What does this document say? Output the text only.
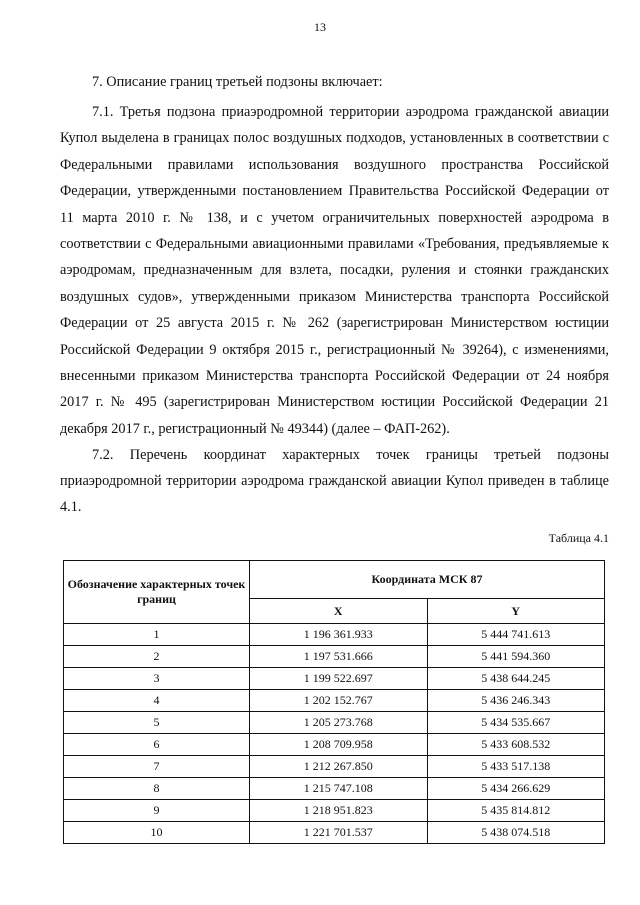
13

7. Описание границ третьей подзоны включает:

7.1. Третья подзона приаэродромной территории аэродрома гражданской авиации Купол выделена в границах полос воздушных подходов, установленных в соответствии с Федеральными правилами использования воздушного пространства Российской Федерации, утвержденными постановлением Правительства Российской Федерации от 11 марта 2010 г. № 138, и с учетом ограничительных поверхностей аэродрома в соответствии с Федеральными авиационными правилами «Требования, предъявляемые к аэродромам, предназначенным для взлета, посадки, руления и стоянки гражданских воздушных судов», утвержденными приказом Министерства транспорта Российской Федерации от 25 августа 2015 г. № 262 (зарегистрирован Министерством юстиции Российской Федерации 9 октября 2015 г., регистрационный № 39264), с изменениями, внесенными приказом Министерства транспорта Российской Федерации от 24 ноября 2017 г. № 495 (зарегистрирован Министерством юстиции Российской Федерации 21 декабря 2017 г., регистрационный № 49344) (далее – ФАП-262).

7.2. Перечень координат характерных точек границы третьей подзоны приаэродромной территории аэродрома гражданской авиации Купол приведен в таблице 4.1.

Таблица 4.1
Обозначение характерных точек границ	Координата МСК 87	
	X	Y
1	1 196 361.933	5 444 741.613
2	1 197 531.666	5 441 594.360
3	1 199 522.697	5 438 644.245
4	1 202 152.767	5 436 246.343
5	1 205 273.768	5 434 535.667
6	1 208 709.958	5 433 608.532
7	1 212 267.850	5 433 517.138
8	1 215 747.108	5 434 266.629
9	1 218 951.823	5 435 814.812
10	1 221 701.537	5 438 074.518
